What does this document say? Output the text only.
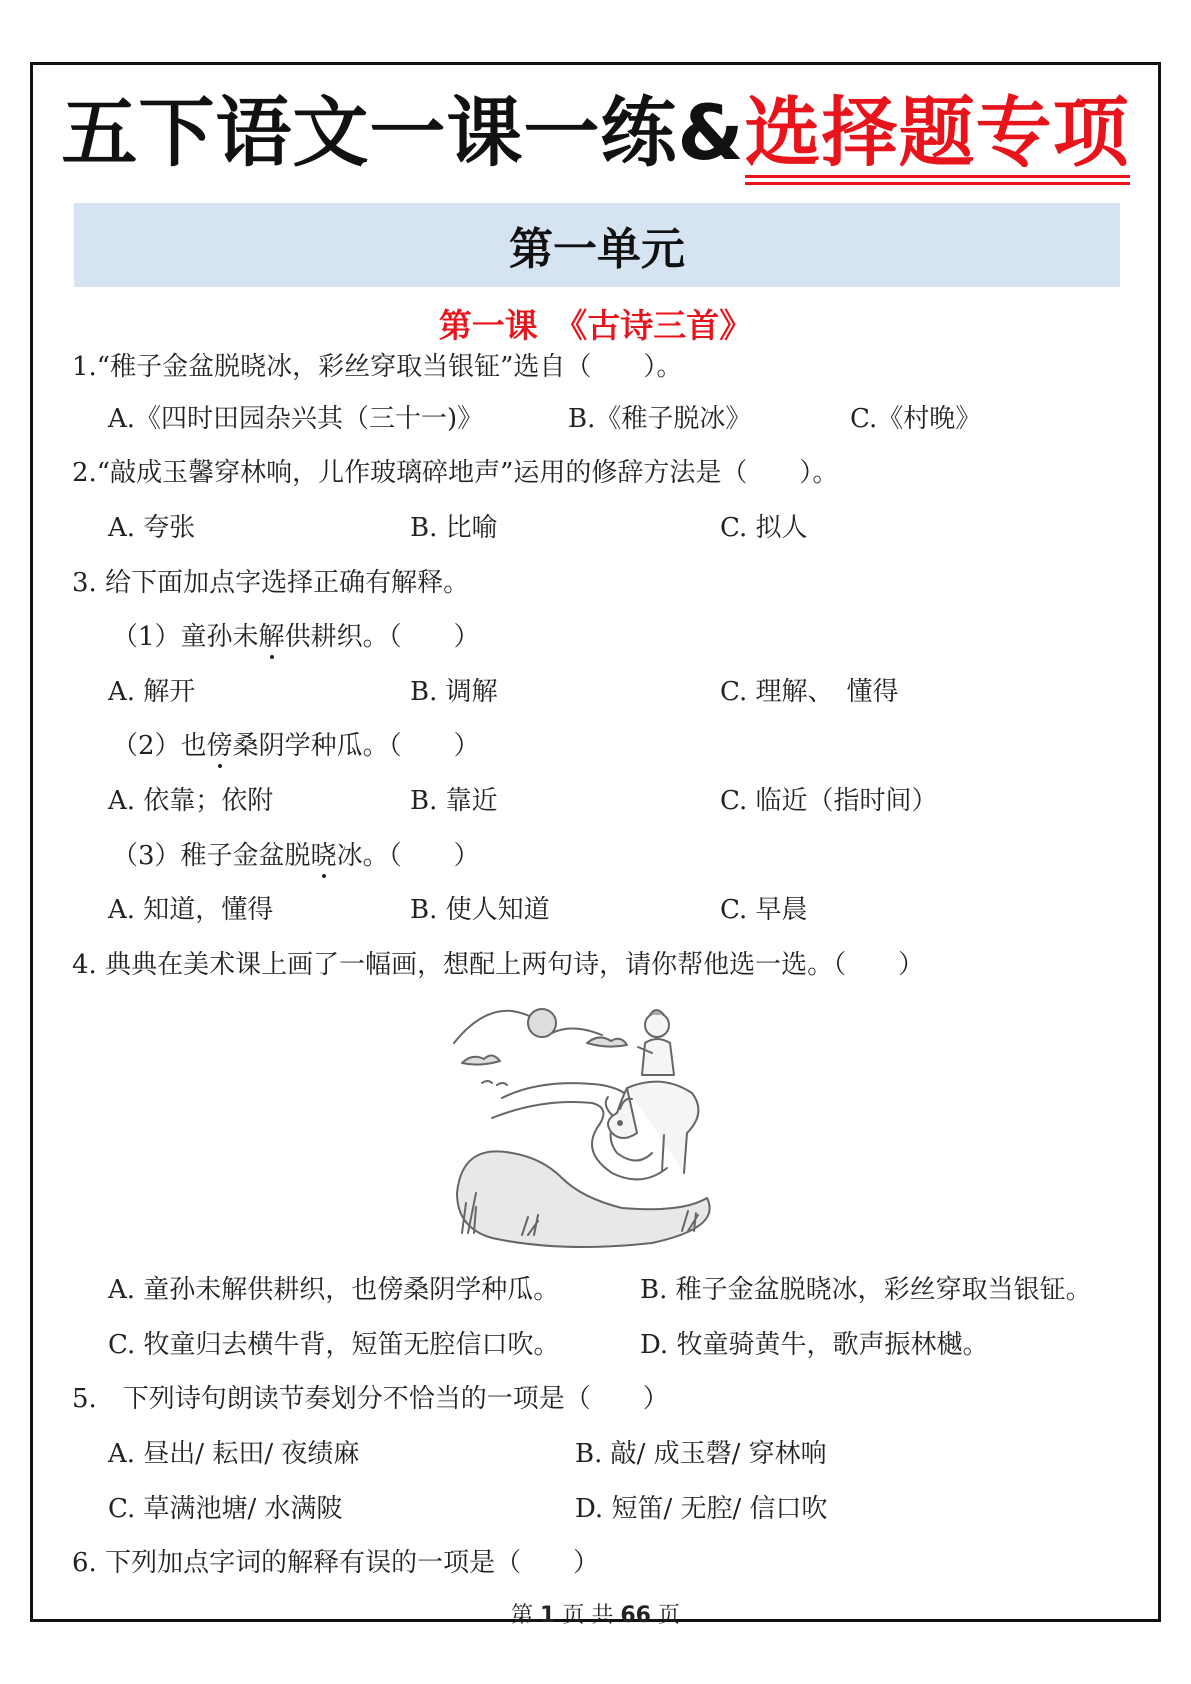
五下语文一课一练&选择题专项
第一单元
第一课　《古诗三首》
1.“稚子金盆脱晓冰，彩丝穿取当银钲”选自（　　）。
A.《四时田园杂兴其（三十一)》	B.《稚子脱冰》	C.《村晚》
2.“敲成玉馨穿林响，儿作玻璃碎地声”运用的修辞方法是（　　）。
A. 夸张	B. 比喻	C. 拟人
3. 给下面加点字选择正确有解释。
（1）童孙未解供耕织。（　　）
A. 解开	B. 调解	C. 理解、　懂得
（2）也傍桑阴学种瓜。（　　）
A. 依靠；依附	B. 靠近	C. 临近（指时间）
（3）稚子金盆脱晓冰。（　　）
A. 知道，懂得	B. 使人知道	C. 早晨
4. 典典在美术课上画了一幅画，想配上两句诗，请你帮他选一选。（　　）
A. 童孙未解供耕织，也傍桑阴学种瓜。	B. 稚子金盆脱晓冰，彩丝穿取当银钲。
C. 牧童归去横牛背，短笛无腔信口吹。	D. 牧童骑黄牛，歌声振林樾。
5.　下列诗句朗读节奏划分不恰当的一项是（　　）
A. 昼出/ 耘田/ 夜绩麻	B. 敲/ 成玉磬/ 穿林响
C. 草满池塘/ 水满陂	D. 短笛/ 无腔/ 信口吹
6. 下列加点字词的解释有误的一项是（　　）
第 1 页 共 66 页
